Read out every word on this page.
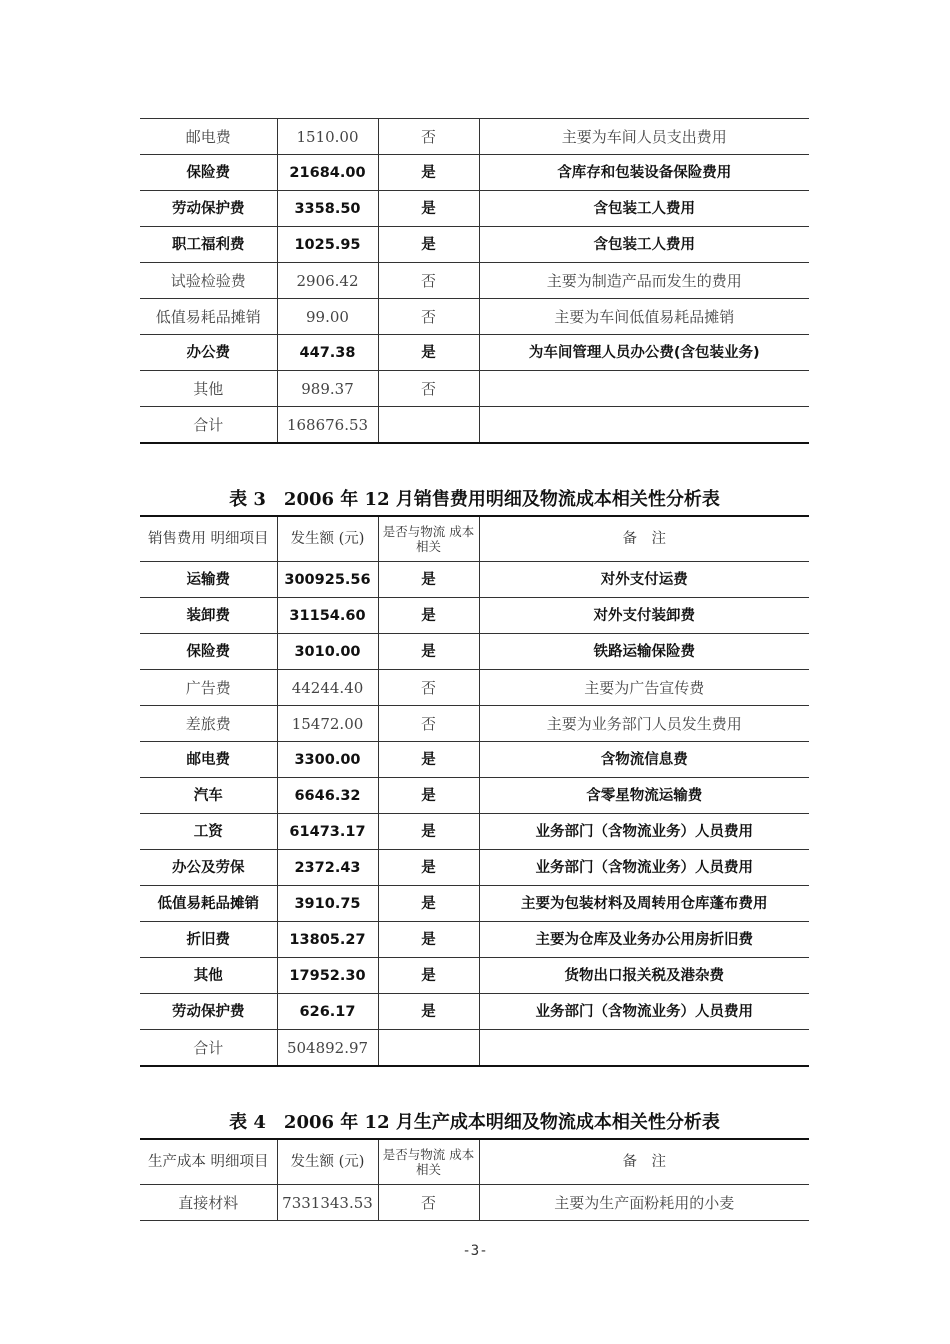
邮电费	1510.00	否	主要为车间人员支出费用
保险费	21684.00	是	含库存和包装设备保险费用
劳动保护费	3358.50	是	含包装工人费用
职工福利费	1025.95	是	含包装工人费用
试验检验费	2906.42	否	主要为制造产品而发生的费用
低值易耗品摊销	99.00	否	主要为车间低值易耗品摊销
办公费	447.38	是	为车间管理人员办公费(含包装业务)
其他	989.37	否	
合计	168676.53		
表 3　2006 年 12 月销售费用明细及物流成本相关性分析表
销售费用 明细项目	发生额 (元)	是否与物流 成本相关	备　注
运输费	300925.56	是	对外支付运费
装卸费	31154.60	是	对外支付装卸费
保险费	3010.00	是	铁路运输保险费
广告费	44244.40	否	主要为广告宣传费
差旅费	15472.00	否	主要为业务部门人员发生费用
邮电费	3300.00	是	含物流信息费
汽车	6646.32	是	含零星物流运输费
工资	61473.17	是	业务部门（含物流业务）人员费用
办公及劳保	2372.43	是	业务部门（含物流业务）人员费用
低值易耗品摊销	3910.75	是	主要为包装材料及周转用仓库蓬布费用
折旧费	13805.27	是	主要为仓库及业务办公用房折旧费
其他	17952.30	是	货物出口报关税及港杂费
劳动保护费	626.17	是	业务部门（含物流业务）人员费用
合计	504892.97		
表 4　2006 年 12 月生产成本明细及物流成本相关性分析表
生产成本 明细项目	发生额 (元)	是否与物流 成本相关	备　注
直接材料	7331343.53	否	主要为生产面粉耗用的小麦
-3-
